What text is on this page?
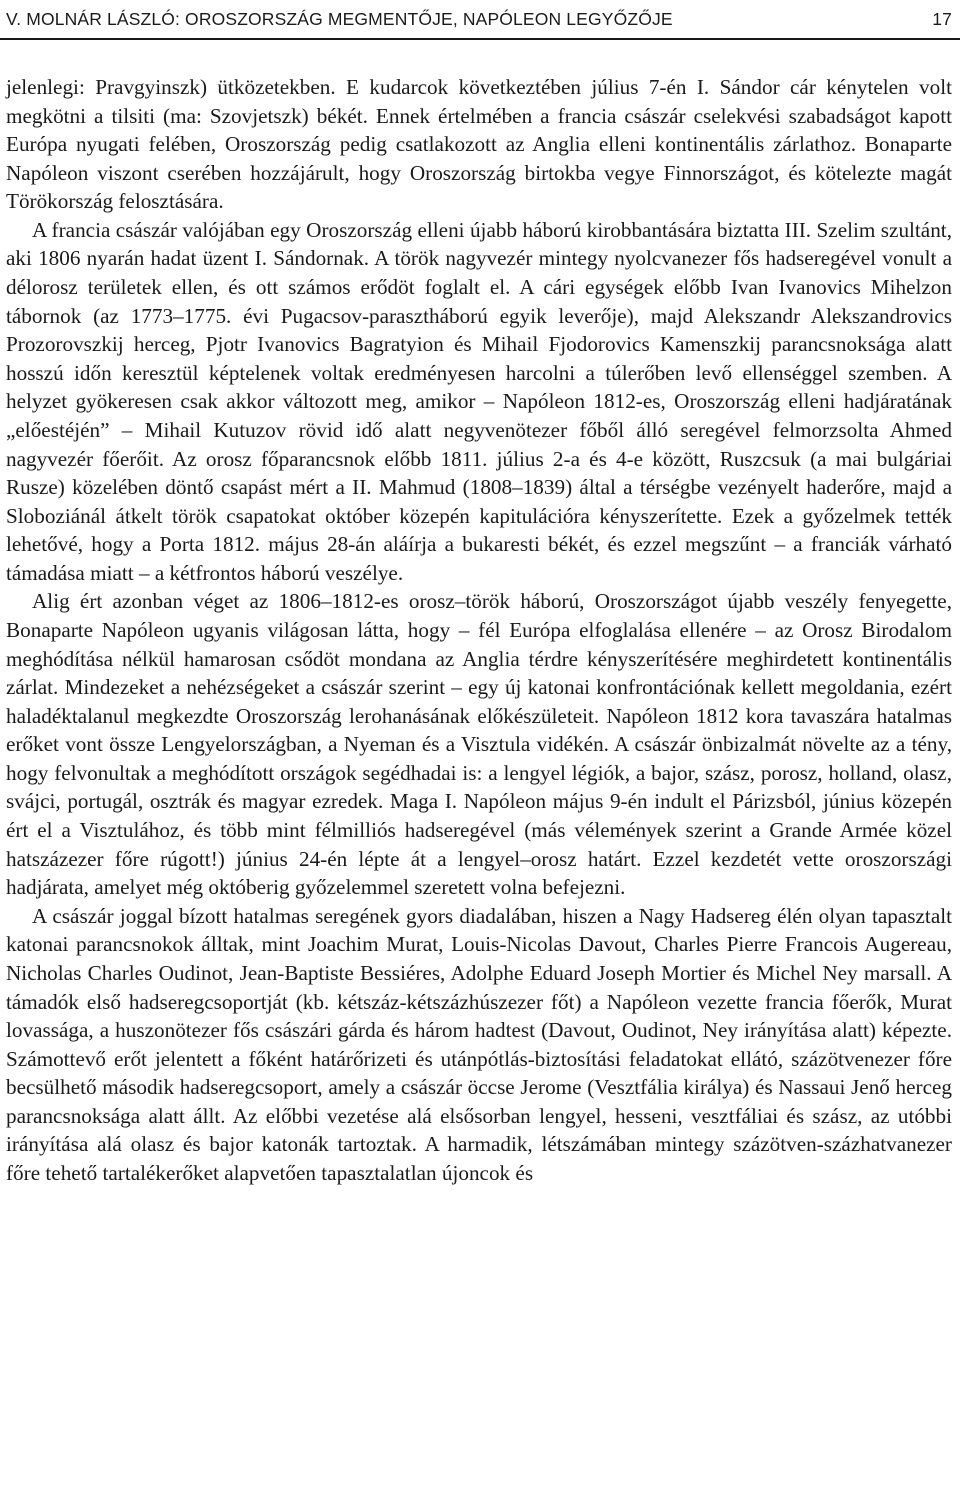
V. MOLNÁR LÁSZLÓ: OROSZORSZÁG MEGMENTŐJE, NAPÓLEON LEGYŐZŐJE	17

jelenlegi: Pravgyinszk) ütközetekben. E kudarcok következtében július 7-én I. Sándor cár kénytelen volt megkötni a tilsiti (ma: Szovjetszk) békét. Ennek értelmében a francia császár cselekvési szabadságot kapott Európa nyugati felében, Oroszország pedig csatlakozott az Anglia elleni kontinentális zárlathoz. Bonaparte Napóleon viszont cserében hozzájárult, hogy Oroszország birtokba vegye Finnországot, és kötelezte magát Törökország felosztására.

A francia császár valójában egy Oroszország elleni újabb háború kirobbantására biztatta III. Szelim szultánt, aki 1806 nyarán hadat üzent I. Sándornak. A török nagyvezér mintegy nyolcvanezer fős hadseregével vonult a délorosz területek ellen, és ott számos erődöt foglalt el. A cári egységek előbb Ivan Ivanovics Mihelzon tábornok (az 1773–1775. évi Pugacsov-parasztháború egyik leverője), majd Alekszandr Alekszandrovics Prozorovszkij herceg, Pjotr Ivanovics Bagratyion és Mihail Fjodorovics Kamenszkij parancsnoksága alatt hosszú időn keresztül képtelenek voltak eredményesen harcolni a túlerőben levő ellenséggel szemben. A helyzet gyökeresen csak akkor változott meg, amikor – Napóleon 1812-es, Oroszország elleni hadjáratának „előestéjén” – Mihail Kutuzov rövid idő alatt negyvenötezer főből álló seregével felmorzsolta Ahmed nagyvezér főerőit. Az orosz főparancsnok előbb 1811. július 2-a és 4-e között, Ruszcsuk (a mai bulgáriai Rusze) közelében döntő csapást mért a II. Mahmud (1808–1839) által a térségbe vezényelt haderőre, majd a Sloboziánál átkelt török csapatokat október közepén kapitulációra kényszerítette. Ezek a győzelmek tették lehetővé, hogy a Porta 1812. május 28-án aláírja a bukaresti békét, és ezzel megszűnt – a franciák várható támadása miatt – a kétfrontos háború veszélye.

Alig ért azonban véget az 1806–1812-es orosz–török háború, Oroszországot újabb veszély fenyegette, Bonaparte Napóleon ugyanis világosan látta, hogy – fél Európa elfoglalása ellenére – az Orosz Birodalom meghódítása nélkül hamarosan csődöt mondana az Anglia térdre kényszerítésére meghirdetett kontinentális zárlat. Mindezeket a nehézségeket a császár szerint – egy új katonai konfrontációnak kellett megoldania, ezért haladéktalanul megkezdte Oroszország lerohanásának előkészületeit. Napóleon 1812 kora tavaszára hatalmas erőket vont össze Lengyelországban, a Nyeman és a Visztula vidékén. A császár önbizalmát növelte az a tény, hogy felvonultak a meghódított országok segédhadai is: a lengyel légiók, a bajor, szász, porosz, holland, olasz, svájci, portugál, osztrák és magyar ezredek. Maga I. Napóleon május 9-én indult el Párizsból, június közepén ért el a Visztulához, és több mint félmilliós hadseregével (más vélemények szerint a Grande Armée közel hatszázezer főre rúgott!) június 24-én lépte át a lengyel–orosz határt. Ezzel kezdetét vette oroszországi hadjárata, amelyet még októberig győzelemmel szeretett volna befejezni.

A császár joggal bízott hatalmas seregének gyors diadalában, hiszen a Nagy Hadsereg élén olyan tapasztalt katonai parancsnokok álltak, mint Joachim Murat, Louis-Nicolas Davout, Charles Pierre Francois Augereau, Nicholas Charles Oudinot, Jean-Baptiste Bessiéres, Adolphe Eduard Joseph Mortier és Michel Ney marsall. A támadók első hadseregcsoportját (kb. kétszáz-kétszázhúszezer főt) a Napóleon vezette francia főerők, Murat lovassága, a huszonötezer fős császári gárda és három hadtest (Davout, Oudinot, Ney irányítása alatt) képezte. Számottevő erőt jelentett a főként határőrizeti és utánpótlás-biztosítási feladatokat ellátó, százötvenezer főre becsülhető második hadseregcsoport, amely a császár öccse Jerome (Vesztfália királya) és Nassaui Jenő herceg parancsnoksága alatt állt. Az előbbi vezetése alá elsősorban lengyel, hesseni, vesztfáliai és szász, az utóbbi irányítása alá olasz és bajor katonák tartoztak. A harmadik, létszámában mintegy százötven-százhatvanezer főre tehető tartalékerőket alapvetően tapasztalatlan újoncok és
